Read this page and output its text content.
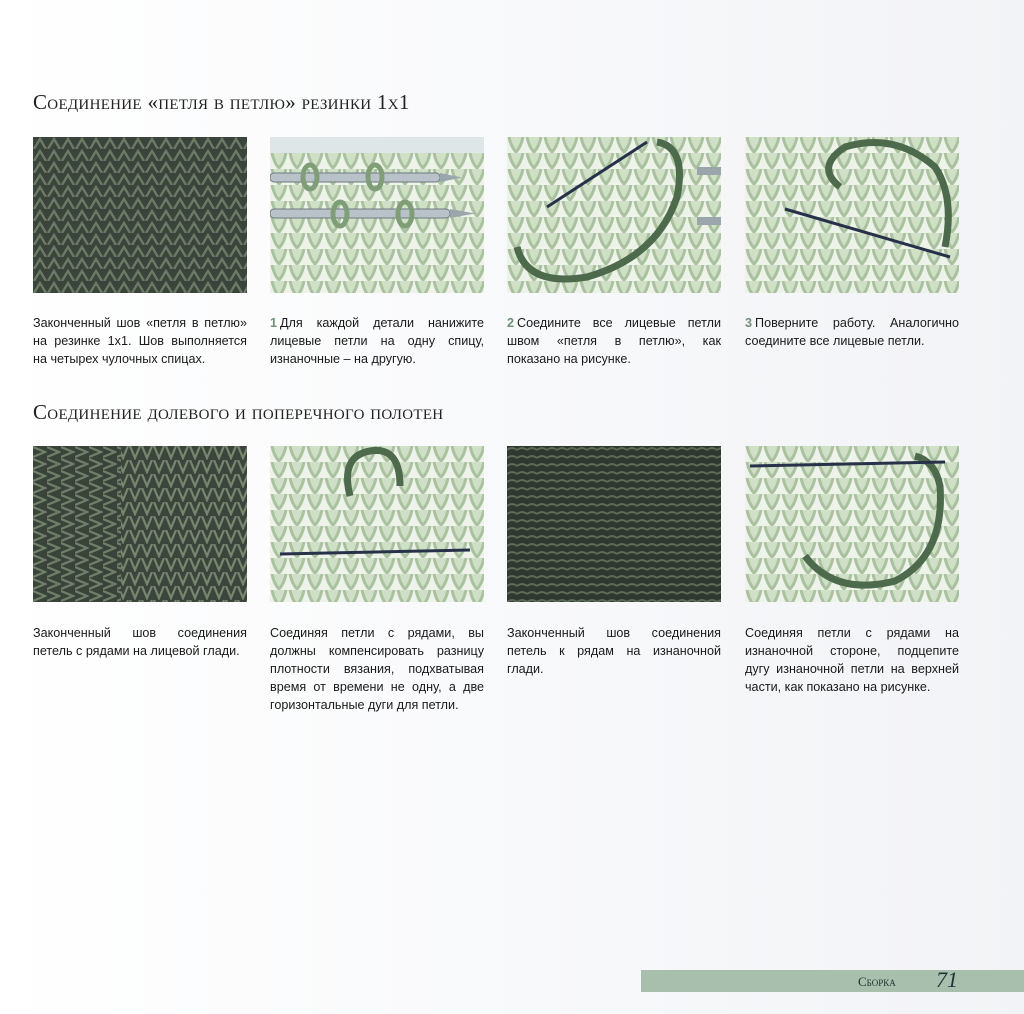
Соединение «петля в петлю» резинки 1х1
Законченный шов «петля в петлю» на резинке 1х1. Шов выполняется на четырех чулочных спицах.
1 Для каждой детали нанижите лицевые петли на одну спицу, изнаночные – на другую.
2 Соедините все лицевые петли швом «петля в петлю», как показано на рисунке.
3 Поверните работу. Аналогично соедините все лицевые петли.
Соединение долевого и поперечного полотен
Законченный шов соединения петель с рядами на лицевой глади.
Соединяя петли с рядами, вы должны компенсировать разницу плотности вязания, подхватывая время от времени не одну, а две горизонтальные дуги для петли.
Законченный шов соединения петель к рядам на изнаночной глади.
Соединяя петли с рядами на изнаночной стороне, подцепите дугу изнаночной петли на верхней части, как показано на рисунке.
Сборка 71
